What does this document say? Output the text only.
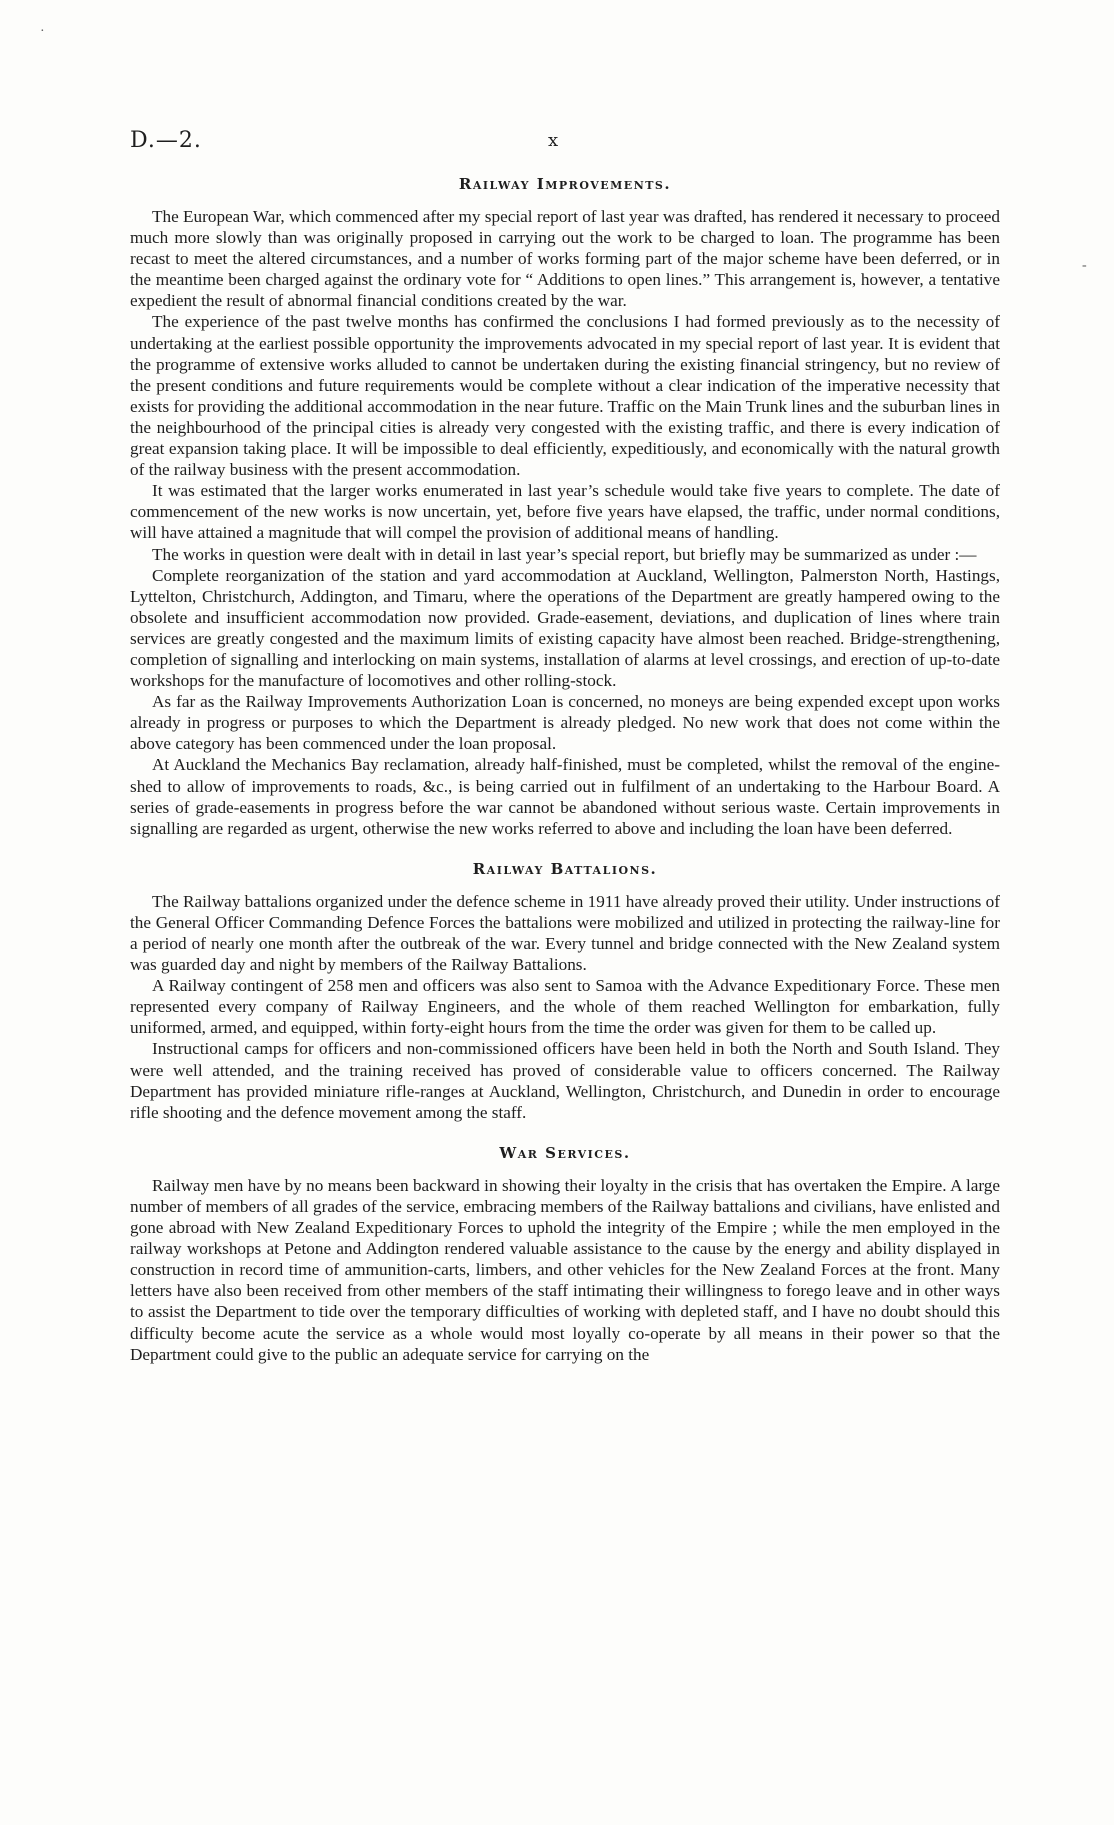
D.—2.	x
Railway Improvements.

The European War, which commenced after my special report of last year was drafted, has rendered it necessary to proceed much more slowly than was originally proposed in carrying out the work to be charged to loan. The programme has been recast to meet the altered circumstances, and a number of works forming part of the major scheme have been deferred, or in the meantime been charged against the ordinary vote for “ Additions to open lines.” This arrangement is, however, a tentative expedient the result of abnormal financial conditions created by the war.

The experience of the past twelve months has confirmed the conclusions I had formed previously as to the necessity of undertaking at the earliest possible opportunity the improvements advocated in my special report of last year. It is evident that the programme of extensive works alluded to cannot be undertaken during the existing financial stringency, but no review of the present conditions and future requirements would be complete without a clear indication of the imperative necessity that exists for providing the additional accommodation in the near future. Traffic on the Main Trunk lines and the suburban lines in the neighbourhood of the principal cities is already very congested with the existing traffic, and there is every indication of great expansion taking place. It will be impossible to deal efficiently, expeditiously, and economically with the natural growth of the railway business with the present accommodation.

It was estimated that the larger works enumerated in last year’s schedule would take five years to complete. The date of commencement of the new works is now uncertain, yet, before five years have elapsed, the traffic, under normal conditions, will have attained a magnitude that will compel the provision of additional means of handling.

The works in question were dealt with in detail in last year’s special report, but briefly may be summarized as under :—

Complete reorganization of the station and yard accommodation at Auckland, Wellington, Palmerston North, Hastings, Lyttelton, Christchurch, Addington, and Timaru, where the operations of the Department are greatly hampered owing to the obsolete and insufficient accommodation now provided. Grade-easement, deviations, and duplication of lines where train services are greatly congested and the maximum limits of existing capacity have almost been reached. Bridge-strengthening, completion of signalling and interlocking on main systems, installation of alarms at level crossings, and erection of up-to-date workshops for the manufacture of locomotives and other rolling-stock.

As far as the Railway Improvements Authorization Loan is concerned, no moneys are being expended except upon works already in progress or purposes to which the Department is already pledged. No new work that does not come within the above category has been commenced under the loan proposal.

At Auckland the Mechanics Bay reclamation, already half-finished, must be completed, whilst the removal of the engine-shed to allow of improvements to roads, &c., is being carried out in fulfilment of an undertaking to the Harbour Board. A series of grade-easements in progress before the war cannot be abandoned without serious waste. Certain improvements in signalling are regarded as urgent, otherwise the new works referred to above and including the loan have been deferred.

Railway Battalions.

The Railway battalions organized under the defence scheme in 1911 have already proved their utility. Under instructions of the General Officer Commanding Defence Forces the battalions were mobilized and utilized in protecting the railway-line for a period of nearly one month after the outbreak of the war. Every tunnel and bridge connected with the New Zealand system was guarded day and night by members of the Railway Battalions.

A Railway contingent of 258 men and officers was also sent to Samoa with the Advance Expeditionary Force. These men represented every company of Railway Engineers, and the whole of them reached Wellington for embarkation, fully uniformed, armed, and equipped, within forty-eight hours from the time the order was given for them to be called up.

Instructional camps for officers and non-commissioned officers have been held in both the North and South Island. They were well attended, and the training received has proved of considerable value to officers concerned. The Railway Department has provided miniature rifle-ranges at Auckland, Wellington, Christchurch, and Dunedin in order to encourage rifle shooting and the defence movement among the staff.

War Services.

Railway men have by no means been backward in showing their loyalty in the crisis that has overtaken the Empire. A large number of members of all grades of the service, embracing members of the Railway battalions and civilians, have enlisted and gone abroad with New Zealand Expeditionary Forces to uphold the integrity of the Empire ; while the men employed in the railway workshops at Petone and Addington rendered valuable assistance to the cause by the energy and ability displayed in construction in record time of ammunition-carts, limbers, and other vehicles for the New Zealand Forces at the front. Many letters have also been received from other members of the staff intimating their willingness to forego leave and in other ways to assist the Department to tide over the temporary difficulties of working with depleted staff, and I have no doubt should this difficulty become acute the service as a whole would most loyally co-operate by all means in their power so that the Department could give to the public an adequate service for carrying on the

-
·
